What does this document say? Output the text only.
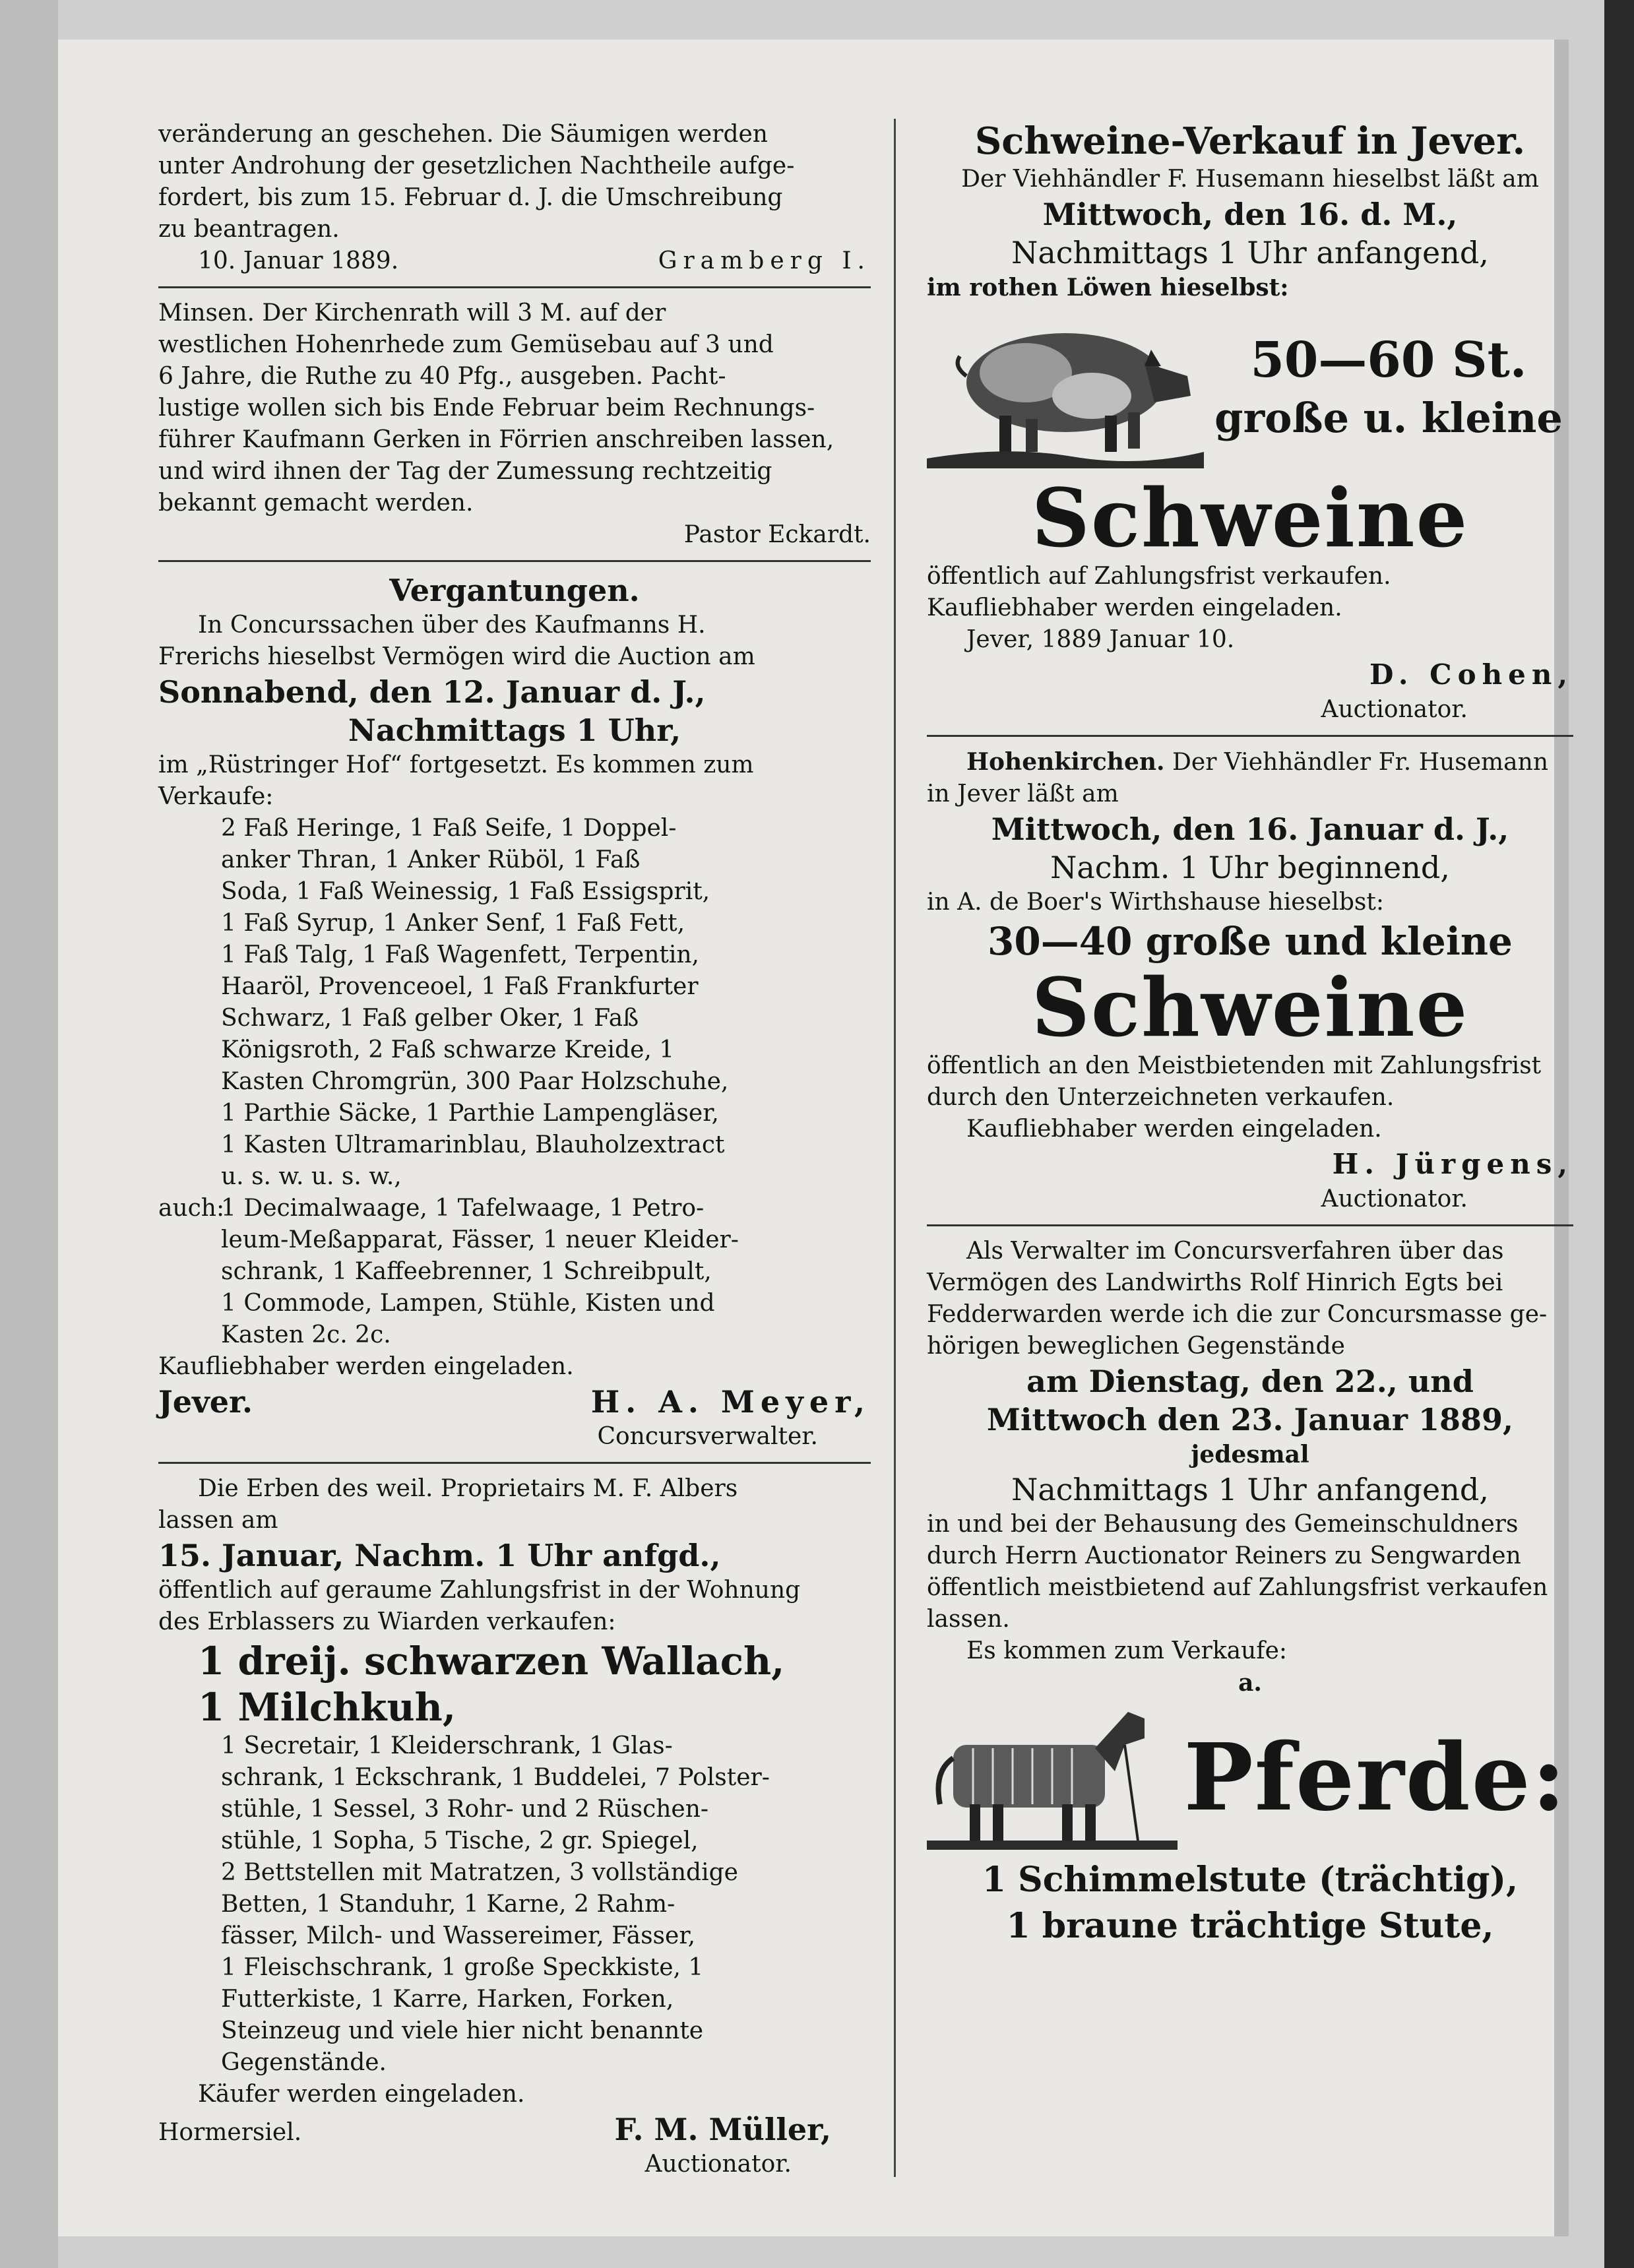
veränderung an geschehen. Die Säumigen werden

unter Androhung der gesetzlichen Nachtheile aufge-

fordert, bis zum 15. Februar d. J. die Umschreibung

zu beantragen.

10. Januar 1889.	Gramberg I.

Minsen. Der Kirchenrath will 3 M. auf der

westlichen Hohenrhede zum Gemüsebau auf 3 und

6 Jahre, die Ruthe zu 40 Pfg., ausgeben. Pacht-

lustige wollen sich bis Ende Februar beim Rechnungs-

führer Kaufmann Gerken in Förrien anschreiben lassen,

und wird ihnen der Tag der Zumessung rechtzeitig

bekannt gemacht werden.

Pastor Eckardt.

Vergantungen.

In Concurssachen über des Kaufmanns H.

Frerichs hieselbst Vermögen wird die Auction am

Sonnabend, den 12. Januar d. J.,

Nachmittags 1 Uhr,

im „Rüstringer Hof“ fortgesetzt. Es kommen zum

Verkaufe:

2 Faß Heringe, 1 Faß Seife, 1 Doppel-

anker Thran, 1 Anker Rüböl, 1 Faß

Soda, 1 Faß Weinessig, 1 Faß Essigsprit,

1 Faß Syrup, 1 Anker Senf, 1 Faß Fett,

1 Faß Talg, 1 Faß Wagenfett, Terpentin,

Haaröl, Provenceoel, 1 Faß Frankfurter

Schwarz, 1 Faß gelber Oker, 1 Faß

Königsroth, 2 Faß schwarze Kreide, 1

Kasten Chromgrün, 300 Paar Holzschuhe,

1 Parthie Säcke, 1 Parthie Lampengläser,

1 Kasten Ultramarinblau, Blauholzextract

u. s. w. u. s. w.,

auch:

1 Decimalwaage, 1 Tafelwaage, 1 Petro-

leum-Meßapparat, Fässer, 1 neuer Kleider-

schrank, 1 Kaffeebrenner, 1 Schreibpult,

1 Commode, Lampen, Stühle, Kisten und

Kasten 2c. 2c.

Kaufliebhaber werden eingeladen.

Jever.	H. A. Meyer,

Concursverwalter.

Die Erben des weil. Proprietairs M. F. Albers

lassen am

15. Januar, Nachm. 1 Uhr anfgd.,

öffentlich auf geraume Zahlungsfrist in der Wohnung

des Erblassers zu Wiarden verkaufen:

1 dreij. schwarzen Wallach,

1 Milchkuh,

1 Secretair, 1 Kleiderschrank, 1 Glas-

schrank, 1 Eckschrank, 1 Buddelei, 7 Polster-

stühle, 1 Sessel, 3 Rohr- und 2 Rüschen-

stühle, 1 Sopha, 5 Tische, 2 gr. Spiegel,

2 Bettstellen mit Matratzen, 3 vollständige

Betten, 1 Standuhr, 1 Karne, 2 Rahm-

fässer, Milch- und Wassereimer, Fässer,

1 Fleischschrank, 1 große Speckkiste, 1

Futterkiste, 1 Karre, Harken, Forken,

Steinzeug und viele hier nicht benannte

Gegenstände.

Käufer werden eingeladen.

Hormersiel.	F. M. Müller,

Auctionator.

Schweine-Verkauf in Jever.

Der Viehhändler F. Husemann hieselbst läßt am

Mittwoch, den 16. d. M.,

Nachmittags 1 Uhr anfangend,

im rothen Löwen hieselbst:

50—60 St.

große u. kleine

Schweine

öffentlich auf Zahlungsfrist verkaufen.

Kaufliebhaber werden eingeladen.

Jever, 1889 Januar 10.

D. Cohen,

Auctionator.

Hohenkirchen. Der Viehhändler Fr. Husemann

in Jever läßt am

Mittwoch, den 16. Januar d. J.,

Nachm. 1 Uhr beginnend,

in A. de Boer's Wirthshause hieselbst:

30—40 große und kleine

Schweine

öffentlich an den Meistbietenden mit Zahlungsfrist

durch den Unterzeichneten verkaufen.

Kaufliebhaber werden eingeladen.

H. Jürgens,

Auctionator.

Als Verwalter im Concursverfahren über das

Vermögen des Landwirths Rolf Hinrich Egts bei

Fedderwarden werde ich die zur Concursmasse ge-

hörigen beweglichen Gegenstände

am Dienstag, den 22., und

Mittwoch den 23. Januar 1889,

jedesmal

Nachmittags 1 Uhr anfangend,

in und bei der Behausung des Gemeinschuldners

durch Herrn Auctionator Reiners zu Sengwarden

öffentlich meistbietend auf Zahlungsfrist verkaufen

lassen.

Es kommen zum Verkaufe:

a.

Pferde:

1 Schimmelstute (trächtig),

1 braune trächtige Stute,
